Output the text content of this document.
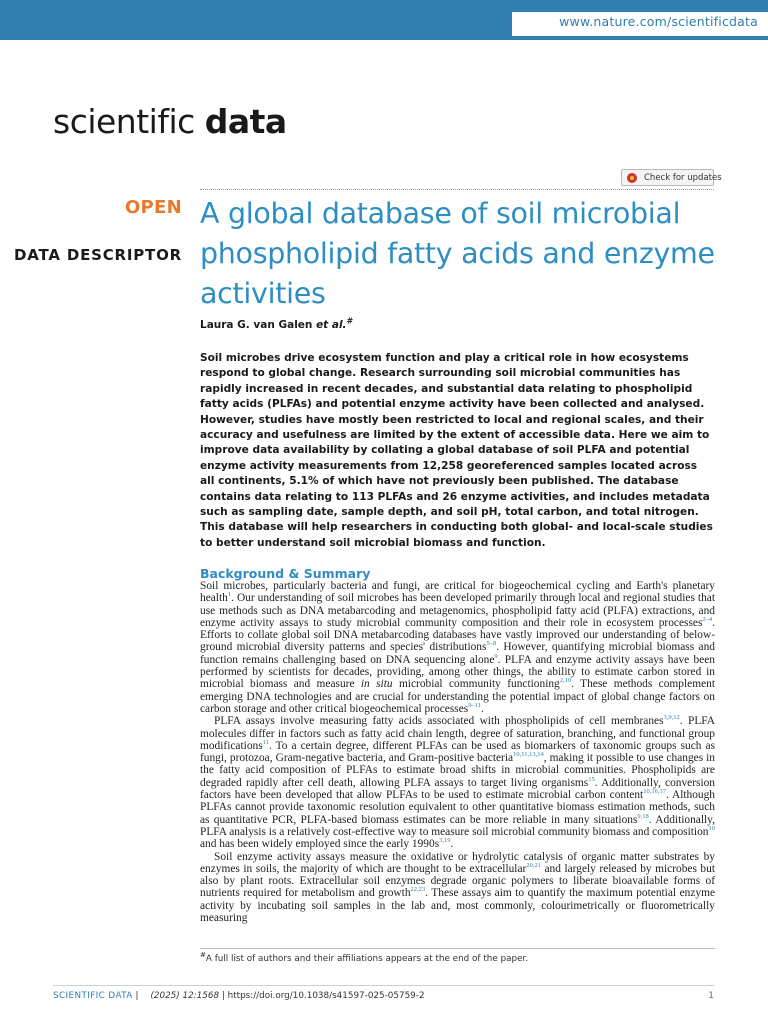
www.nature.com/scientificdata
scientific data
Check for updates
OPEN
DATA DESCRIPTOR
A global database of soil microbial phospholipid fatty acids and enzyme activities
Laura G. van Galen et al.#

Soil microbes drive ecosystem function and play a critical role in how ecosystems respond to global change. Research surrounding soil microbial communities has rapidly increased in recent decades, and substantial data relating to phospholipid fatty acids (PLFAs) and potential enzyme activity have been collected and analysed. However, studies have mostly been restricted to local and regional scales, and their accuracy and usefulness are limited by the extent of accessible data. Here we aim to improve data availability by collating a global database of soil PLFA and potential enzyme activity measurements from 12,258 georeferenced samples located across all continents, 5.1% of which have not previously been published. The database contains data relating to 113 PLFAs and 26 enzyme activities, and includes metadata such as sampling date, sample depth, and soil pH, total carbon, and total nitrogen. This database will help researchers in conducting both global- and local-scale studies to better understand soil microbial biomass and function.

Background & Summary

Soil microbes, particularly bacteria and fungi, are critical for biogeochemical cycling and Earth's planetary health$^1$. Our understanding of soil microbes has been developed primarily through local and regional studies that use methods such as DNA metabarcoding and metagenomics, phospholipid fatty acid (PLFA) extractions, and enzyme activity assays to study microbial community composition and their role in ecosystem processes$^{2-4}$. Efforts to collate global soil DNA metabarcoding databases have vastly improved our understanding of below-ground microbial diversity patterns and species' distributions$^{5-8}$. However, quantifying microbial biomass and function remains challenging based on DNA sequencing alone$^9$. PLFA and enzyme activity assays have been performed by scientists for decades, providing, among other things, the ability to estimate carbon stored in microbial biomass and measure in situ microbial community functioning$^{2,10}$. These methods complement emerging DNA technologies and are crucial for understanding the potential impact of global change factors on carbon storage and other critical biogeochemical processes$^{9-11}$.

PLFA assays involve measuring fatty acids associated with phospholipids of cell membranes$^{3,9,12}$. PLFA molecules differ in factors such as fatty acid chain length, degree of saturation, branching, and functional group modifications$^{11}$. To a certain degree, different PLFAs can be used as biomarkers of taxonomic groups such as fungi, protozoa, Gram-negative bacteria, and Gram-positive bacteria$^{10,11,13,14}$, making it possible to use changes in the fatty acid composition of PLFAs to estimate broad shifts in microbial communities. Phospholipids are degraded rapidly after cell death, allowing PLFA assays to target living organisms$^{15}$. Additionally, conversion factors have been developed that allow PLFAs to be used to estimate microbial carbon content$^{10,16,17}$. Although PLFAs cannot provide taxonomic resolution equivalent to other quantitative biomass estimation methods, such as quantitative PCR, PLFA-based biomass estimates can be more reliable in many situations$^{9,18}$. Additionally, PLFA analysis is a relatively cost-effective way to measure soil microbial community biomass and composition$^{10}$ and has been widely employed since the early $1990s^{3,19}$.

Soil enzyme activity assays measure the oxidative or hydrolytic catalysis of organic matter substrates by enzymes in soils, the majority of which are thought to be extracellular$^{20,21}$ and largely released by microbes but also by plant roots. Extracellular soil enzymes degrade organic polymers to liberate bioavailable forms of nutrients required for metabolism and growth$^{22,23}$. These assays aim to quantify the maximum potential enzyme activity by incubating soil samples in the lab and, most commonly, colourimetrically or fluorometrically measuring

#A full list of authors and their affiliations appears at the end of the paper.
SCIENTIFIC DATA | (2025) 12:1568 | https://doi.org/10.1038/s41597-025-05759-2	1
